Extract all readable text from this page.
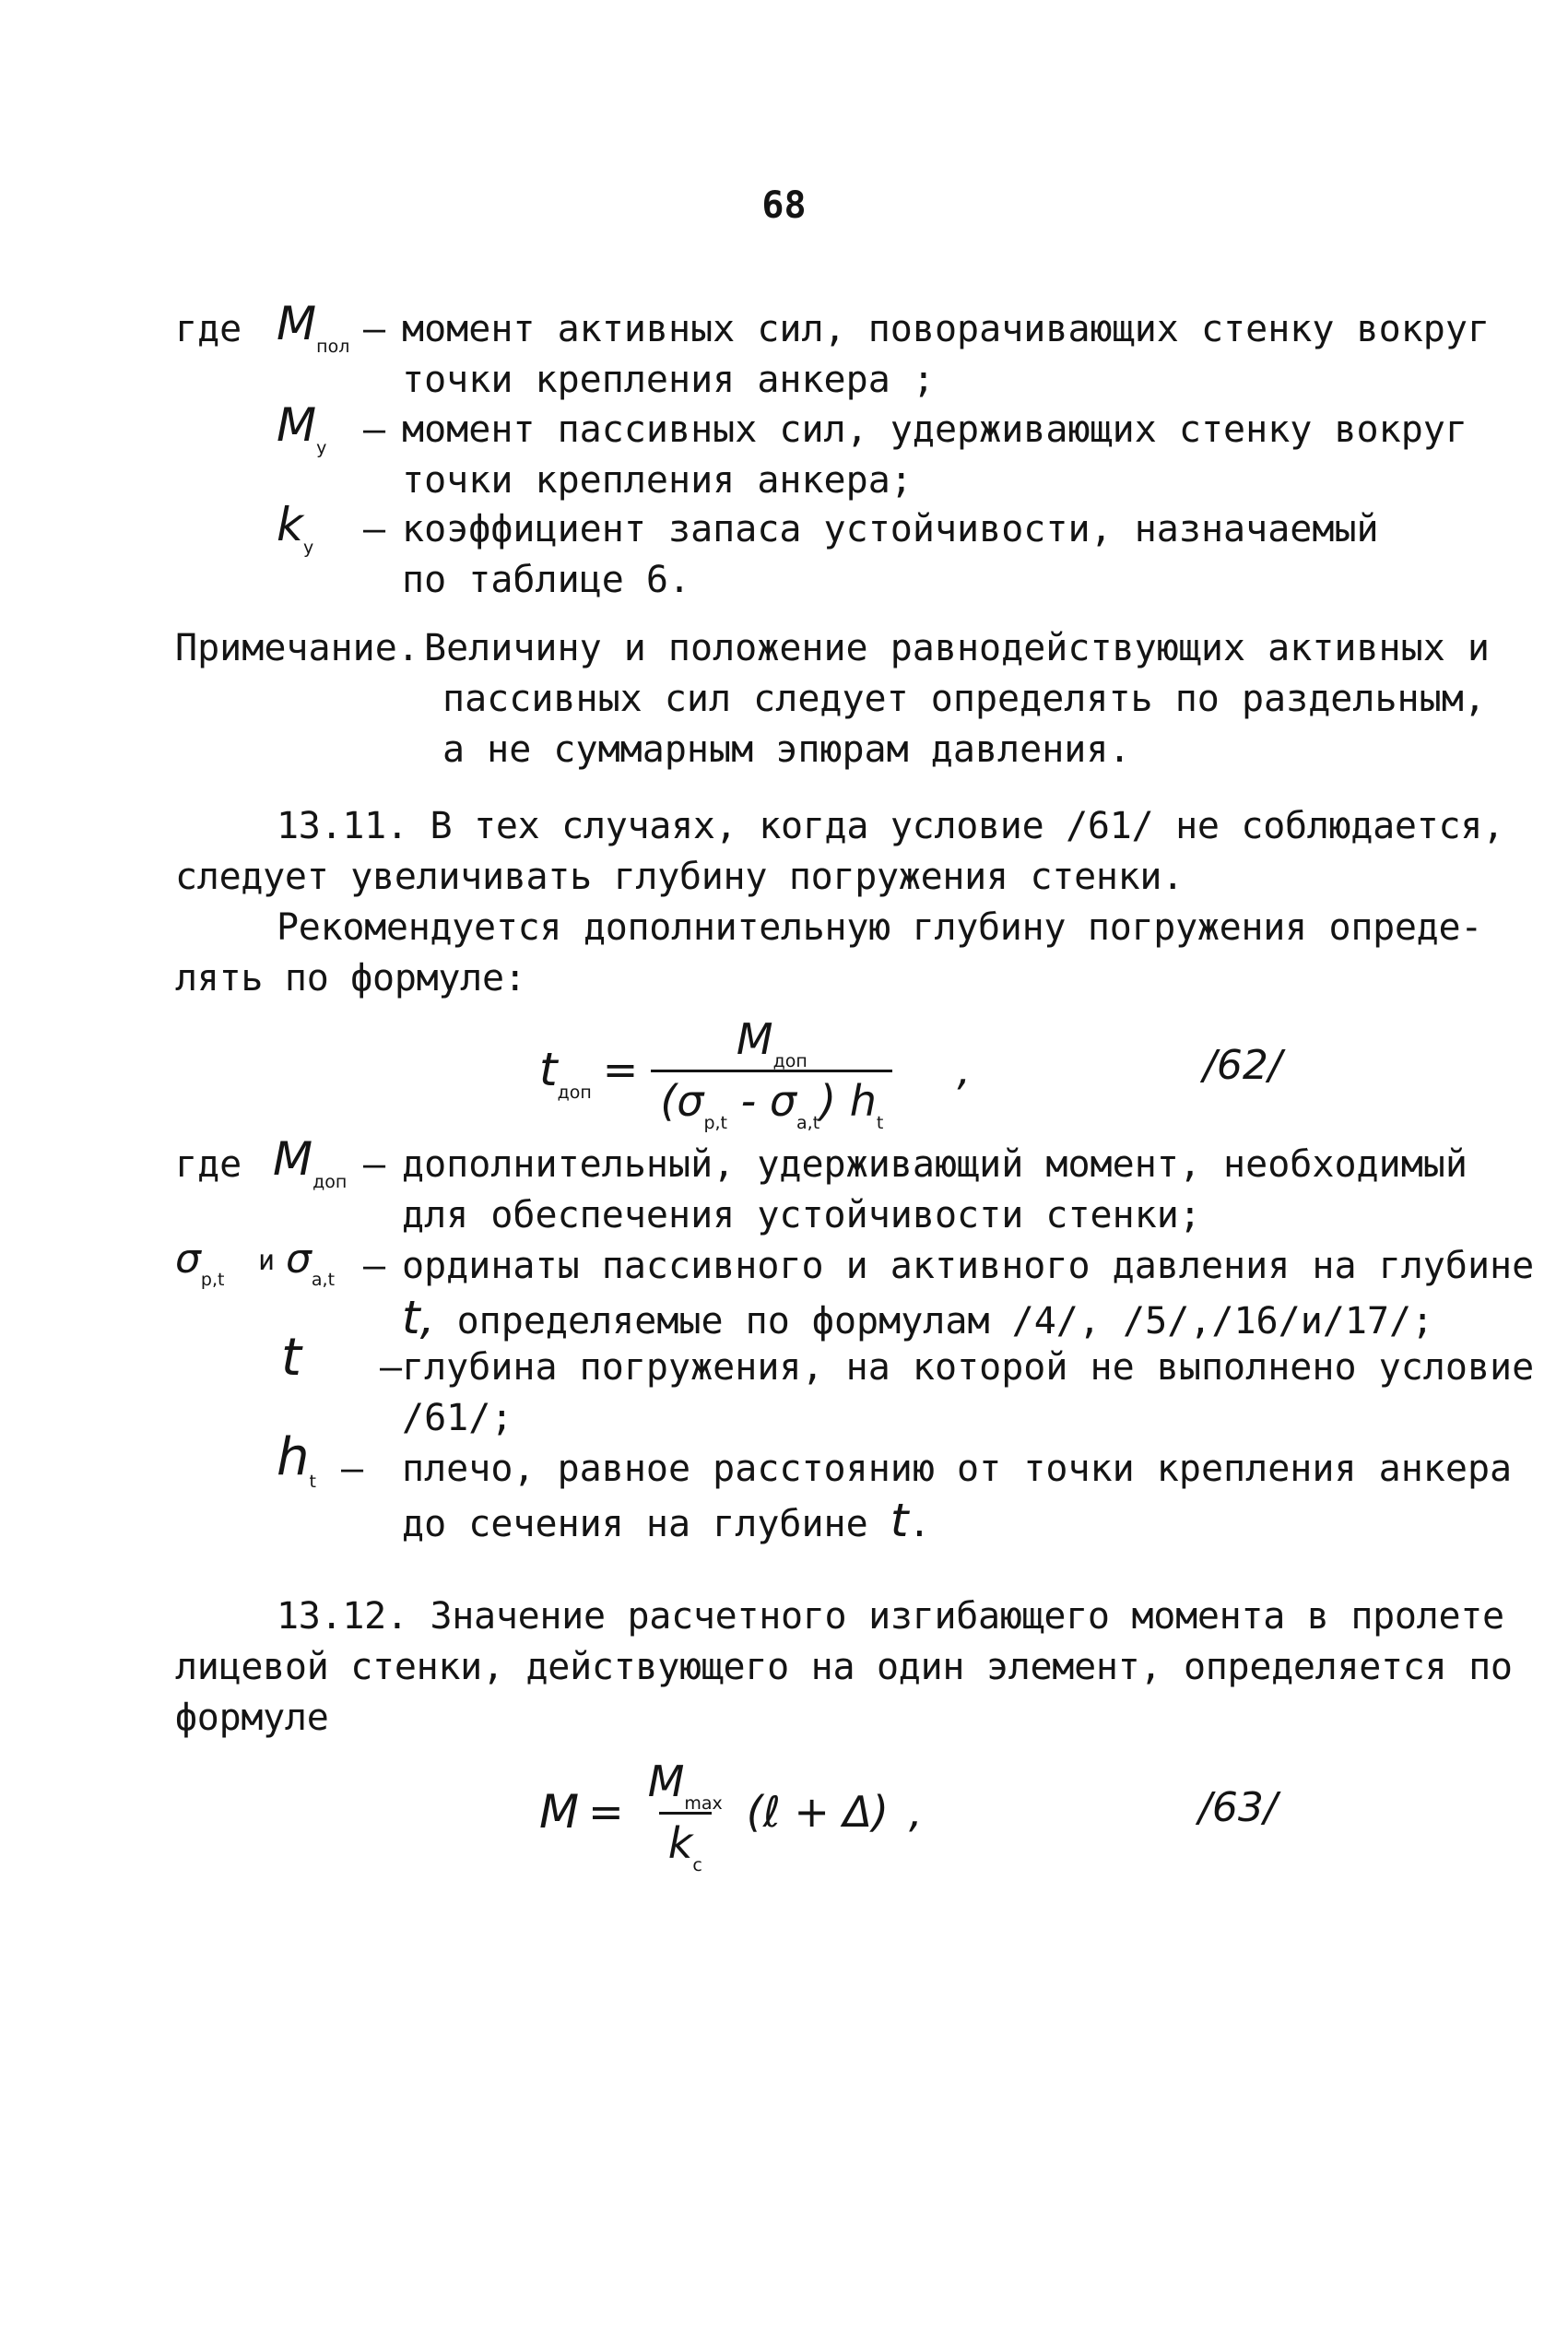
68
где $M_{пол}$ – момент активных сил, поворачивающих стенку вокруг
точки крепления анкера ;
$M_у$ – момент пассивных сил, удерживающих стенку вокруг
точки крепления анкера;
$k_у$ – коэффициент запаса устойчивости, назначаемый
по таблице 6.
Примечание. Величину и положение равнодействующих активных и
пассивных сил следует определять по раздельным,
а не суммарным эпюрам давления.
13.11. В тех случаях, когда условие /61/ не соблюдается,
следует увеличивать глубину погружения стенки.
Рекомендуется дополнительную глубину погружения опреде-
лять по формуле:
$t_{доп} = \frac{M_{доп}}{(\sigma_{p,t} - \sigma_{a,t}) h_t}$ ,	/62/
где $M_{доп}$ – дополнительный, удерживающий момент, необходимый
для обеспечения устойчивости стенки;
$\sigma_{p,t}$
и $\sigma_{a,t}$ – ординаты пассивного и активного давления на глубине
t, определяемые по формулам /4/, /5/,/16/и/17/;
t – глубина погружения, на которой не выполнено условие
/61/;
$h_t$ – плечо, равное расстоянию от точки крепления анкера
до сечения на глубине t.
13.12. Значение расчетного изгибающего момента в пролете
лицевой стенки, действующего на один элемент, определяется по
формуле
$M = \frac{M_{max}}{k_c}$ (ℓ + Δ) ,	/63/
